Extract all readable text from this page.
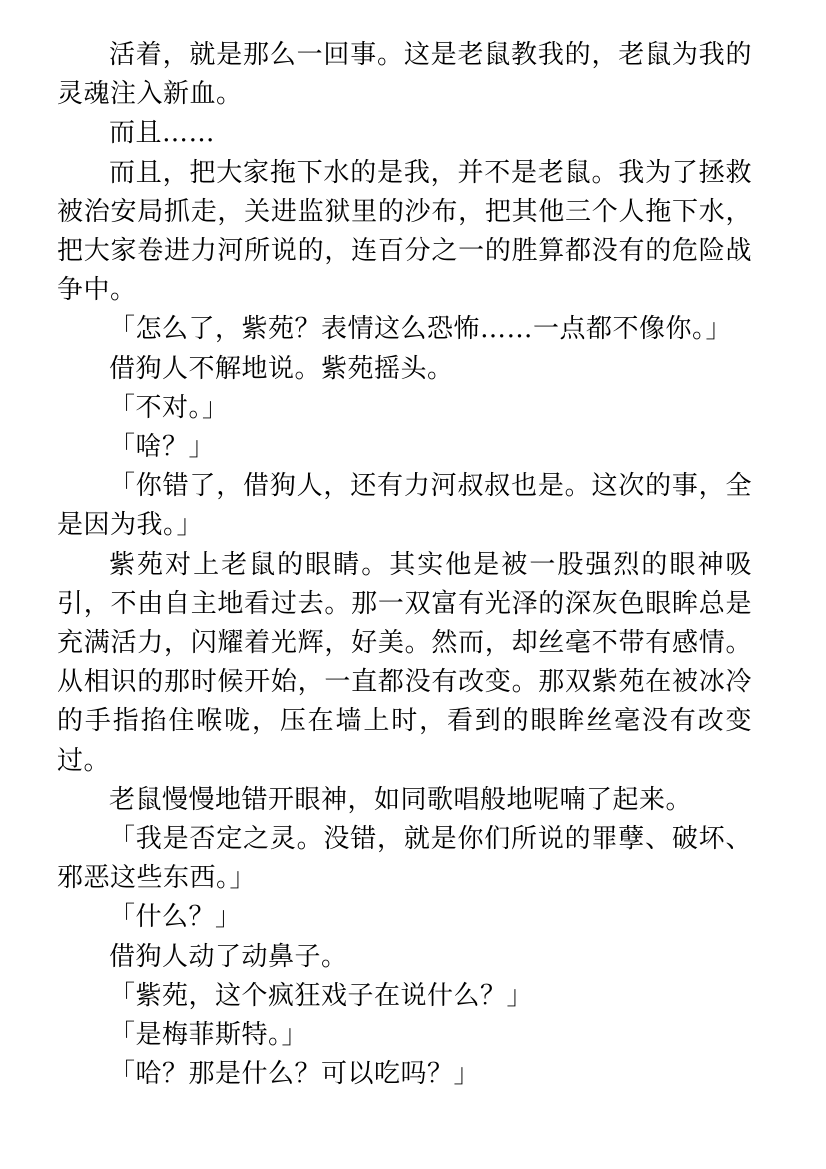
活着，就是那么一回事。这是老鼠教我的，老鼠为我的灵魂注入新血。

而且……

而且，把大家拖下水的是我，并不是老鼠。我为了拯救被治安局抓走，关进监狱里的沙布，把其他三个人拖下水，把大家卷进力河所说的，连百分之一的胜算都没有的危险战争中。

「怎么了，紫苑？表情这么恐怖……一点都不像你。」

借狗人不解地说。紫苑摇头。

「不对。」

「啥？」

「你错了，借狗人，还有力河叔叔也是。这次的事，全是因为我。」

紫苑对上老鼠的眼睛。其实他是被一股强烈的眼神吸引，不由自主地看过去。那一双富有光泽的深灰色眼眸总是充满活力，闪耀着光辉，好美。然而，却丝毫不带有感情。从相识的那时候开始，一直都没有改变。那双紫苑在被冰冷的手指掐住喉咙，压在墙上时，看到的眼眸丝毫没有改变过。

老鼠慢慢地错开眼神，如同歌唱般地呢喃了起来。

「我是否定之灵。没错，就是你们所说的罪孽、破坏、邪恶这些东西。」

「什么？」

借狗人动了动鼻子。

「紫苑，这个疯狂戏子在说什么？」

「是梅菲斯特。」

「哈？那是什么？可以吃吗？」
